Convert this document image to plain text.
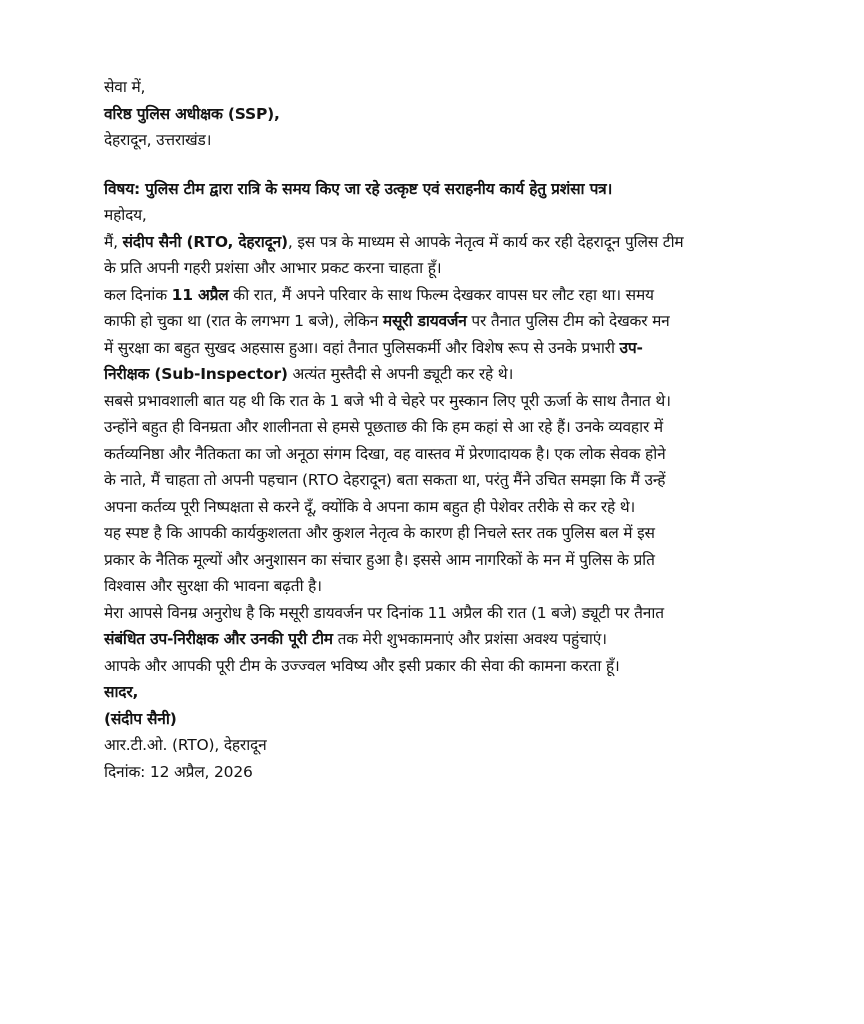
सेवा में,
वरिष्ठ पुलिस अधीक्षक (SSP),
देहरादून, उत्तराखंड।
विषय: पुलिस टीम द्वारा रात्रि के समय किए जा रहे उत्कृष्ट एवं सराहनीय कार्य हेतु प्रशंसा पत्र।
महोदय,
मैं, संदीप सैनी (RTO, देहरादून), इस पत्र के माध्यम से आपके नेतृत्व में कार्य कर रही देहरादून पुलिस टीम
के प्रति अपनी गहरी प्रशंसा और आभार प्रकट करना चाहता हूँ।
कल दिनांक 11 अप्रैल की रात, मैं अपने परिवार के साथ फिल्म देखकर वापस घर लौट रहा था। समय
काफी हो चुका था (रात के लगभग 1 बजे), लेकिन मसूरी डायवर्जन पर तैनात पुलिस टीम को देखकर मन
में सुरक्षा का बहुत सुखद अहसास हुआ। वहां तैनात पुलिसकर्मी और विशेष रूप से उनके प्रभारी उप-
निरीक्षक (Sub-Inspector) अत्यंत मुस्तैदी से अपनी ड्यूटी कर रहे थे।
सबसे प्रभावशाली बात यह थी कि रात के 1 बजे भी वे चेहरे पर मुस्कान लिए पूरी ऊर्जा के साथ तैनात थे।
उन्होंने बहुत ही विनम्रता और शालीनता से हमसे पूछताछ की कि हम कहां से आ रहे हैं। उनके व्यवहार में
कर्तव्यनिष्ठा और नैतिकता का जो अनूठा संगम दिखा, वह वास्तव में प्रेरणादायक है। एक लोक सेवक होने
के नाते, मैं चाहता तो अपनी पहचान (RTO देहरादून) बता सकता था, परंतु मैंने उचित समझा कि मैं उन्हें
अपना कर्तव्य पूरी निष्पक्षता से करने दूँ, क्योंकि वे अपना काम बहुत ही पेशेवर तरीके से कर रहे थे।
यह स्पष्ट है कि आपकी कार्यकुशलता और कुशल नेतृत्व के कारण ही निचले स्तर तक पुलिस बल में इस
प्रकार के नैतिक मूल्यों और अनुशासन का संचार हुआ है। इससे आम नागरिकों के मन में पुलिस के प्रति
विश्वास और सुरक्षा की भावना बढ़ती है।
मेरा आपसे विनम्र अनुरोध है कि मसूरी डायवर्जन पर दिनांक 11 अप्रैल की रात (1 बजे) ड्यूटी पर तैनात
संबंधित उप-निरीक्षक और उनकी पूरी टीम तक मेरी शुभकामनाएं और प्रशंसा अवश्य पहुंचाएं।
आपके और आपकी पूरी टीम के उज्ज्वल भविष्य और इसी प्रकार की सेवा की कामना करता हूँ।
सादर,
(संदीप सैनी)
आर.टी.ओ. (RTO), देहरादून
दिनांक: 12 अप्रैल, 2026
